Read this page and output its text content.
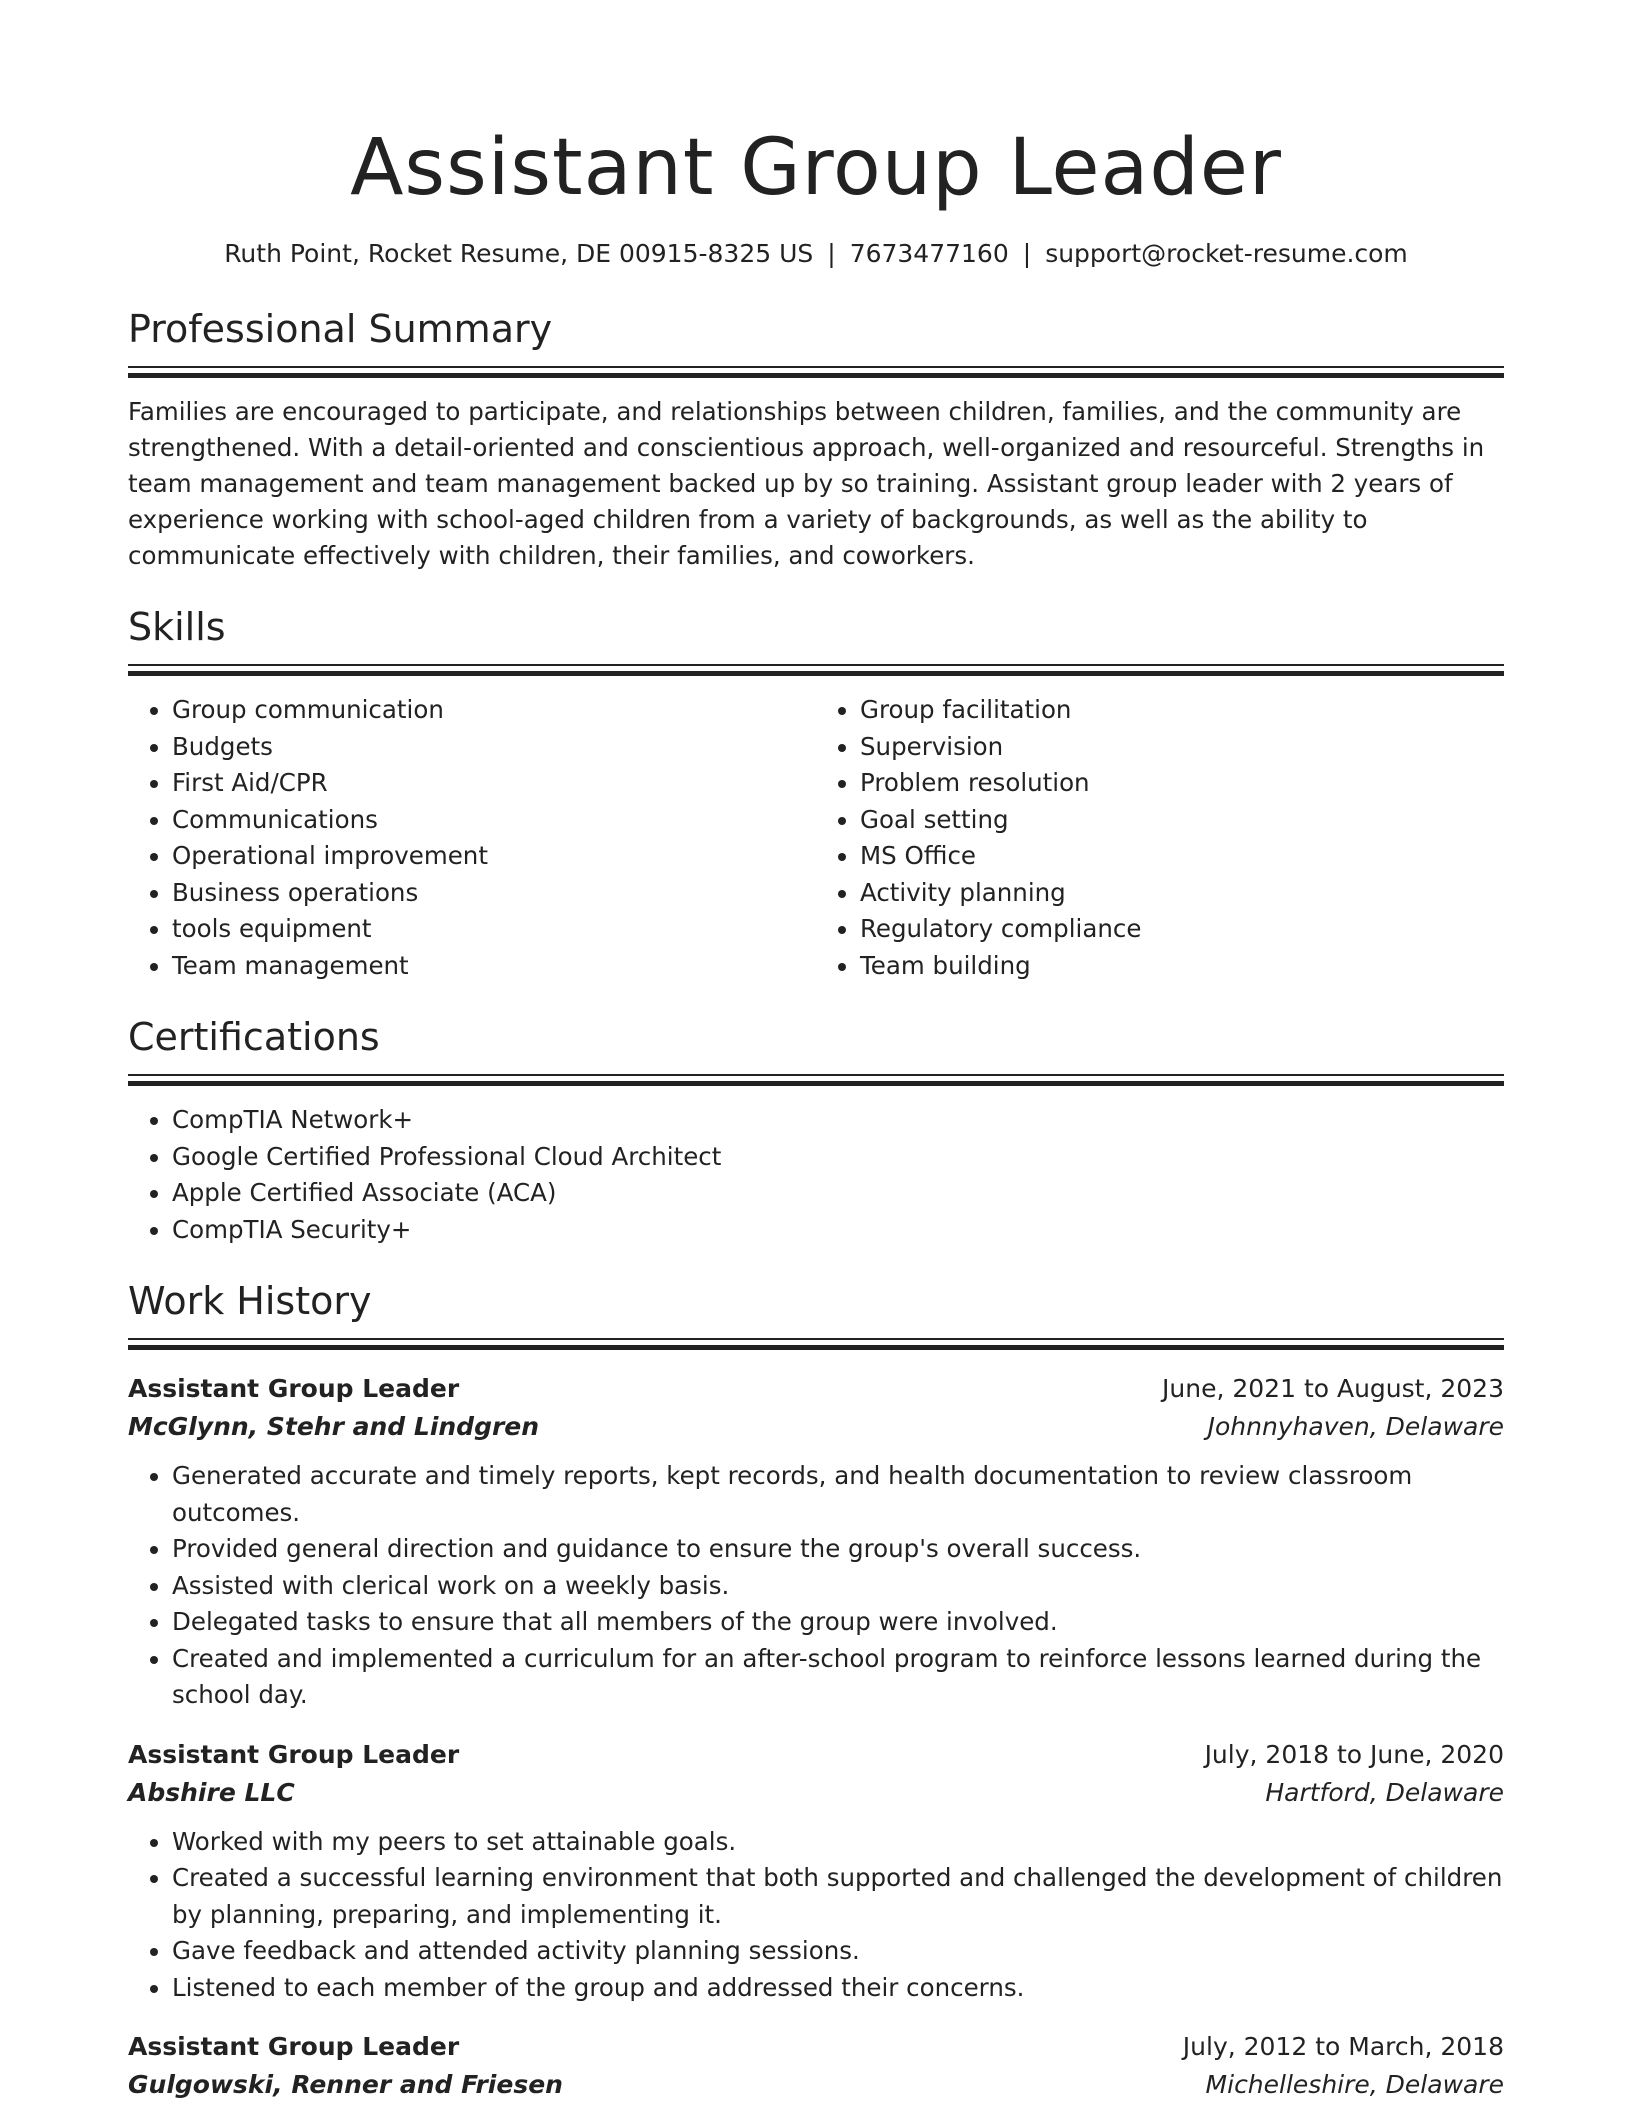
Assistant Group Leader
Ruth Point, Rocket Resume, DE 00915-8325 US | 7673477160 | support@rocket-resume.com
Professional Summary

Families are encouraged to participate, and relationships between children, families, and the community are strengthened. With a detail-oriented and conscientious approach, well-organized and resourceful. Strengths in team management and team management backed up by so training. Assistant group leader with 2 years of experience working with school-aged children from a variety of backgrounds, as well as the ability to communicate effectively with children, their families, and coworkers.

Skills
• Group communication
• Budgets
• First Aid/CPR
• Communications
• Operational improvement
• Business operations
• tools equipment
• Team management
• Group facilitation
• Supervision
• Problem resolution
• Goal setting
• MS Office
• Activity planning
• Regulatory compliance
• Team building
Certifications
• CompTIA Network+
• Google Certified Professional Cloud Architect
• Apple Certified Associate (ACA)
• CompTIA Security+
Work History
Assistant Group Leader	June, 2021 to August, 2023
McGlynn, Stehr and Lindgren	Johnnyhaven, Delaware
• Generated accurate and timely reports, kept records, and health documentation to review classroom outcomes.
• Provided general direction and guidance to ensure the group's overall success.
• Assisted with clerical work on a weekly basis.
• Delegated tasks to ensure that all members of the group were involved.
• Created and implemented a curriculum for an after-school program to reinforce lessons learned during the school day.
Assistant Group Leader	July, 2018 to June, 2020
Abshire LLC	Hartford, Delaware
• Worked with my peers to set attainable goals.
• Created a successful learning environment that both supported and challenged the development of children by planning, preparing, and implementing it.
• Gave feedback and attended activity planning sessions.
• Listened to each member of the group and addressed their concerns.
Assistant Group Leader	July, 2012 to March, 2018
Gulgowski, Renner and Friesen	Michelleshire, Delaware
